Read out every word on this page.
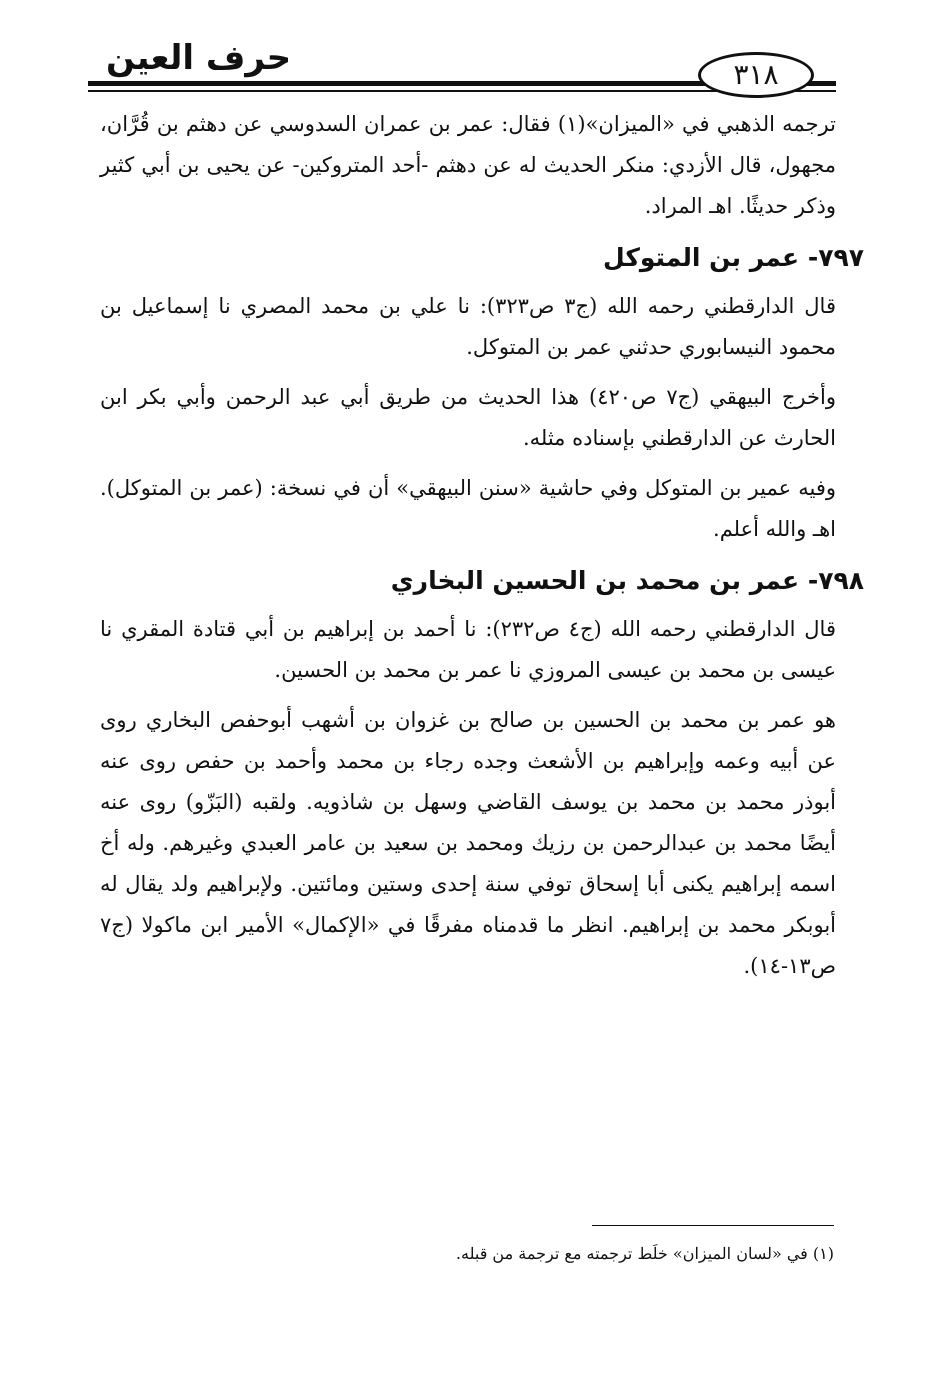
حرف العين	٣١٨
ترجمه الذهبي في «الميزان»(١) فقال: عمر بن عمران السدوسي عن دهثم بن قُرَّان، مجهول، قال الأزدي: منكر الحديث له عن دهثم -أحد المتروكين- عن يحيى بن أبي كثير وذكر حديثًا. اهـ المراد.
٧٩٧- عمر بن المتوكل
قال الدارقطني رحمه الله (ج٣ ص٣٢٣): نا علي بن محمد المصري نا إسماعيل بن محمود النيسابوري حدثني عمر بن المتوكل.
وأخرج البيهقي (ج٧ ص٤٢٠) هذا الحديث من طريق أبي عبد الرحمن وأبي بكر ابن الحارث عن الدارقطني بإسناده مثله.
وفيه عمير بن المتوكل وفي حاشية «سنن البيهقي» أن في نسخة: (عمر بن المتوكل). اهـ والله أعلم.
٧٩٨- عمر بن محمد بن الحسين البخاري
قال الدارقطني رحمه الله (ج٤ ص٢٣٢): نا أحمد بن إبراهيم بن أبي قتادة المقري نا عيسى بن محمد بن عيسى المروزي نا عمر بن محمد بن الحسين.
هو عمر بن محمد بن الحسين بن صالح بن غزوان بن أشهب أبوحفص البخاري روى عن أبيه وعمه وإبراهيم بن الأشعث وجده رجاء بن محمد وأحمد بن حفص روى عنه أبوذر محمد بن محمد بن يوسف القاضي وسهل بن شاذويه. ولقبه (البَزّو) روى عنه أيضًا محمد بن عبدالرحمن بن رزيك ومحمد بن سعيد بن عامر العبدي وغيرهم. وله أخ اسمه إبراهيم يكنى أبا إسحاق توفي سنة إحدى وستين ومائتين. ولإبراهيم ولد يقال له أبوبكر محمد بن إبراهيم. انظر ما قدمناه مفرقًا في «الإكمال» الأمير ابن ماكولا (ج٧ ص١٣-١٤).
(١) في «لسان الميزان» خلَط ترجمته مع ترجمة من قبله.
